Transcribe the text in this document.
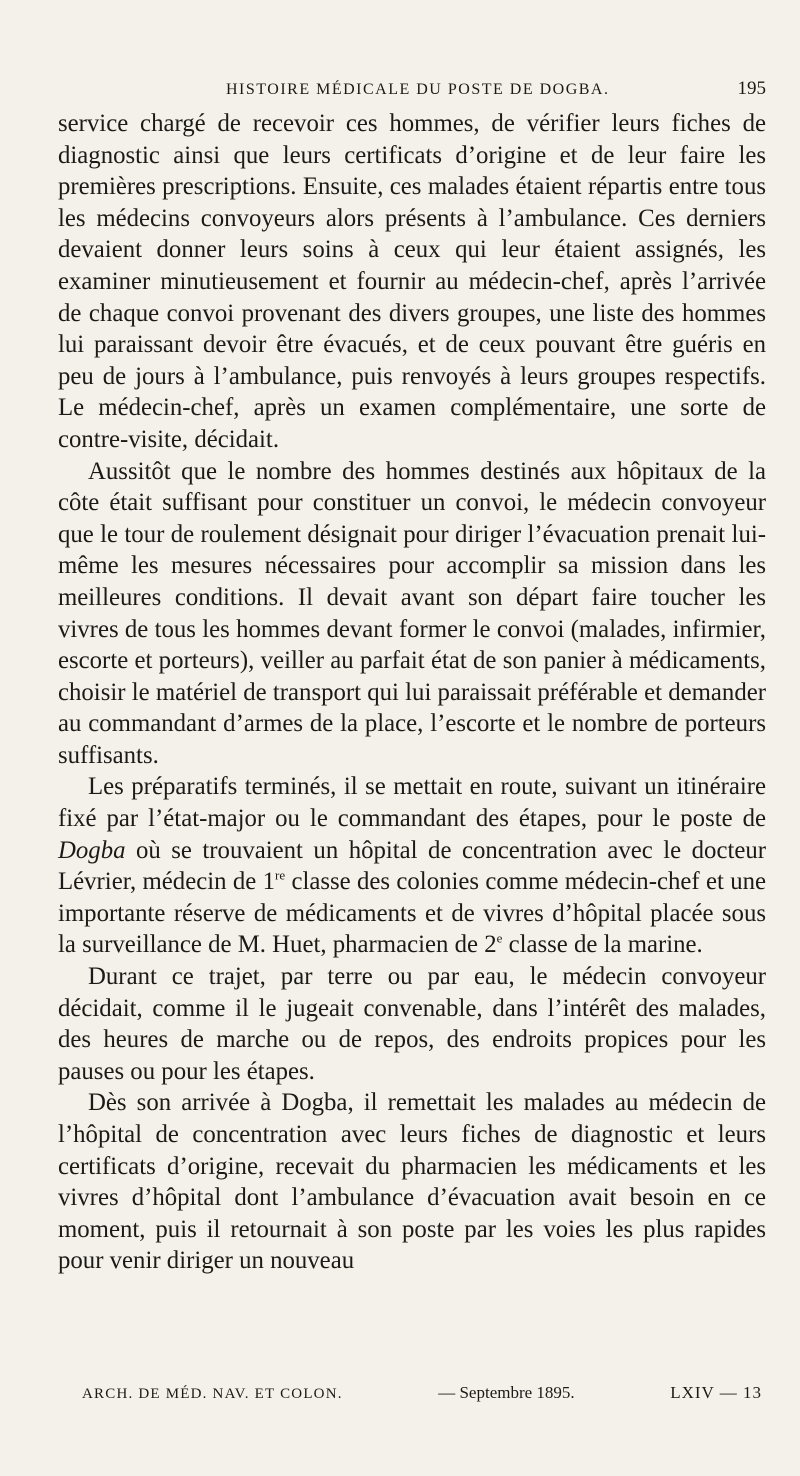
HISTOIRE MÉDICALE DU POSTE DE DOGBA.	195

service chargé de recevoir ces hommes, de vérifier leurs fiches de diagnostic ainsi que leurs certificats d’origine et de leur faire les premières prescriptions. Ensuite, ces malades étaient répartis entre tous les médecins convoyeurs alors présents à l’ambulance. Ces derniers devaient donner leurs soins à ceux qui leur étaient assignés, les examiner minutieusement et fournir au médecin-chef, après l’arrivée de chaque convoi provenant des divers groupes, une liste des hommes lui paraissant devoir être évacués, et de ceux pouvant être guéris en peu de jours à l’ambulance, puis renvoyés à leurs groupes respectifs. Le médecin-chef, après un examen complémentaire, une sorte de contre-visite, décidait.

Aussitôt que le nombre des hommes destinés aux hôpitaux de la côte était suffisant pour constituer un convoi, le médecin convoyeur que le tour de roulement désignait pour diriger l’évacuation prenait lui-même les mesures nécessaires pour accomplir sa mission dans les meilleures conditions. Il devait avant son départ faire toucher les vivres de tous les hommes devant former le convoi (malades, infirmier, escorte et porteurs), veiller au parfait état de son panier à médicaments, choisir le matériel de transport qui lui paraissait préférable et demander au commandant d’armes de la place, l’escorte et le nombre de porteurs suffisants.

Les préparatifs terminés, il se mettait en route, suivant un itinéraire fixé par l’état-major ou le commandant des étapes, pour le poste de Dogba où se trouvaient un hôpital de concentration avec le docteur Lévrier, médecin de 1re classe des colonies comme médecin-chef et une importante réserve de médicaments et de vivres d’hôpital placée sous la surveillance de M. Huet, pharmacien de 2e classe de la marine.

Durant ce trajet, par terre ou par eau, le médecin convoyeur décidait, comme il le jugeait convenable, dans l’intérêt des malades, des heures de marche ou de repos, des endroits propices pour les pauses ou pour les étapes.

Dès son arrivée à Dogba, il remettait les malades au médecin de l’hôpital de concentration avec leurs fiches de diagnostic et leurs certificats d’origine, recevait du pharmacien les médicaments et les vivres d’hôpital dont l’ambulance d’évacuation avait besoin en ce moment, puis il retournait à son poste par les voies les plus rapides pour venir diriger un nouveau

ARCH. DE MÉD. NAV. ET COLON.	— Septembre 1895.	LXIV — 13
